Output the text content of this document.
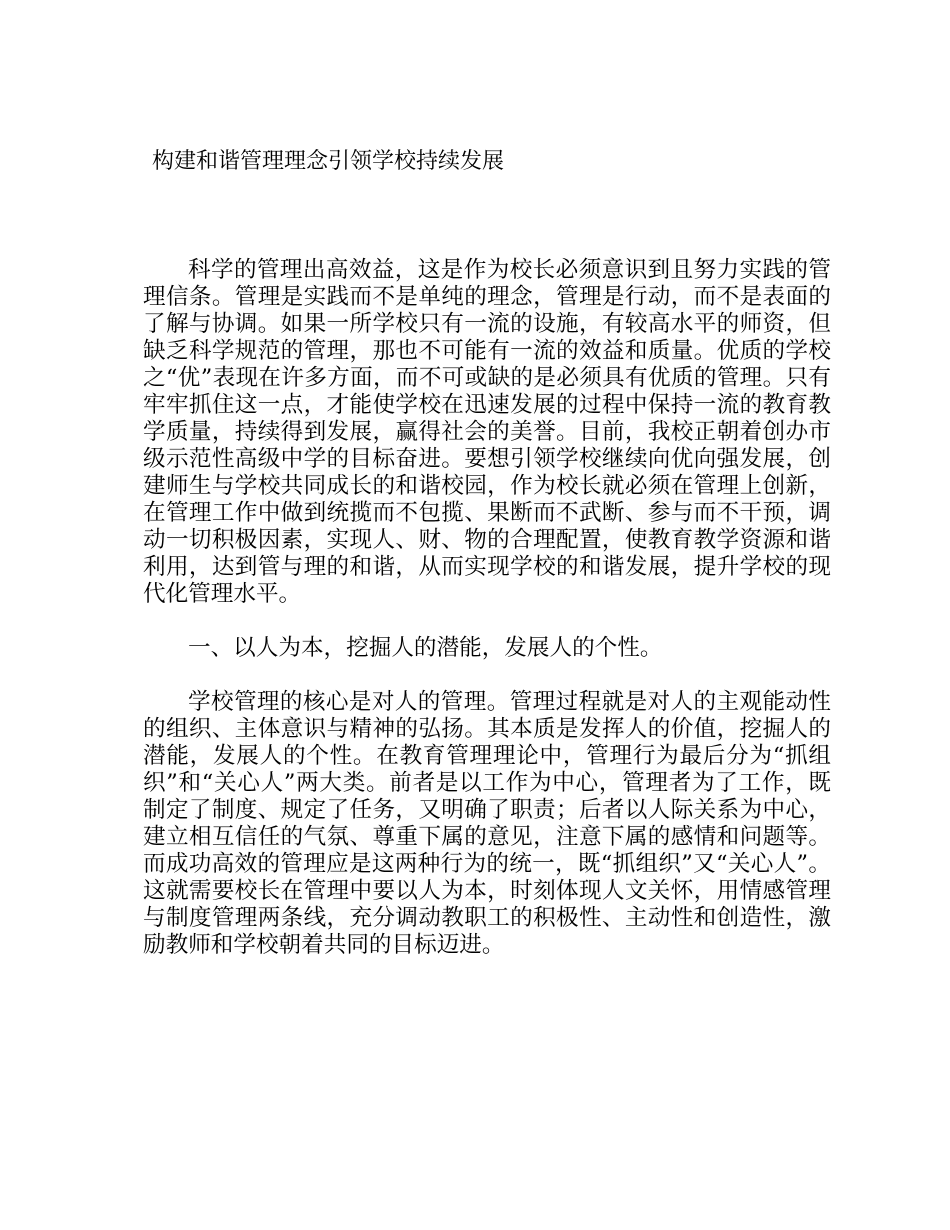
构建和谐管理理念引领学校持续发展

科学的管理出高效益，这是作为校长必须意识到且努力实践的管理信条。管理是实践而不是单纯的理念，管理是行动，而不是表面的了解与协调。如果一所学校只有一流的设施，有较高水平的师资，但缺乏科学规范的管理，那也不可能有一流的效益和质量。优质的学校之“优”表现在许多方面，而不可或缺的是必须具有优质的管理。只有牢牢抓住这一点，才能使学校在迅速发展的过程中保持一流的教育教学质量，持续得到发展，赢得社会的美誉。目前，我校正朝着创办市级示范性高级中学的目标奋进。要想引领学校继续向优向强发展，创建师生与学校共同成长的和谐校园，作为校长就必须在管理上创新，在管理工作中做到统揽而不包揽、果断而不武断、参与而不干预，调动一切积极因素，实现人、财、物的合理配置，使教育教学资源和谐利用，达到管与理的和谐，从而实现学校的和谐发展，提升学校的现代化管理水平。

一、以人为本，挖掘人的潜能，发展人的个性。

学校管理的核心是对人的管理。管理过程就是对人的主观能动性的组织、主体意识与精神的弘扬。其本质是发挥人的价值，挖掘人的潜能，发展人的个性。在教育管理理论中，管理行为最后分为“抓组织”和“关心人”两大类。前者是以工作为中心，管理者为了工作，既制定了制度、规定了任务，又明确了职责；后者以人际关系为中心，建立相互信任的气氛、尊重下属的意见，注意下属的感情和问题等。而成功高效的管理应是这两种行为的统一，既“抓组织”又“关心人”。这就需要校长在管理中要以人为本，时刻体现人文关怀，用情感管理与制度管理两条线，充分调动教职工的积极性、主动性和创造性，激励教师和学校朝着共同的目标迈进。
